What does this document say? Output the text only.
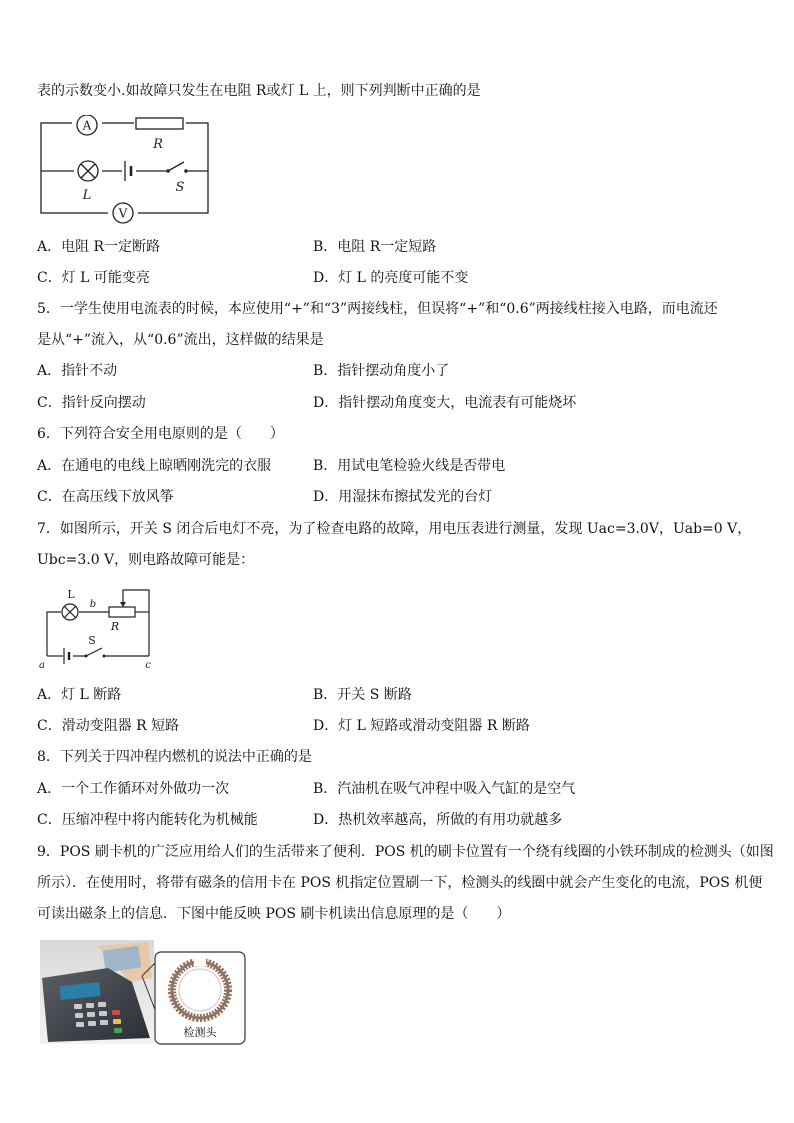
表的示数变小.如故障只发生在电阻 R或灯 L 上，则下列判断中正确的是
A
R
L
S
V
A．电阻 R一定断路	B．电阻 R一定短路
C．灯 L 可能变亮	D．灯 L 的亮度可能不变
5．一学生使用电流表的时候，本应使用“+”和“3”两接线柱，但误将“+”和“0.6”两接线柱接入电路，而电流还
是从“+”流入，从“0.6”流出，这样做的结果是
A．指针不动	B．指针摆动角度小了
C．指针反向摆动	D．指针摆动角度变大，电流表有可能烧坏
6．下列符合安全用电原则的是（　　）
A．在通电的电线上晾晒刚洗完的衣服	B．用试电笔检验火线是否带电
C．在高压线下放风筝	D．用湿抹布擦拭发光的台灯
7．如图所示，开关 S 闭合后电灯不亮，为了检查电路的故障，用电压表进行测量，发现 Uac=3.0V，Uab=0 V，
Ubc=3.0 V，则电路故障可能是：
L
b
R
S
a	c
A．灯 L 断路	B．开关 S 断路
C．滑动变阻器 R 短路	D．灯 L 短路或滑动变阻器 R 断路
8．下列关于四冲程内燃机的说法中正确的是
A．一个工作循环对外做功一次	B．汽油机在吸气冲程中吸入气缸的是空气
C．压缩冲程中将内能转化为机械能	D．热机效率越高，所做的有用功就越多
9．POS 刷卡机的广泛应用给人们的生活带来了便利．POS 机的刷卡位置有一个绕有线圈的小铁环制成的检测头（如图
所示）．在使用时，将带有磁条的信用卡在 POS 机指定位置刷一下，检测头的线圈中就会产生变化的电流，POS 机便
可读出磁条上的信息．下图中能反映 POS 刷卡机读出信息原理的是（　　）
检测头
